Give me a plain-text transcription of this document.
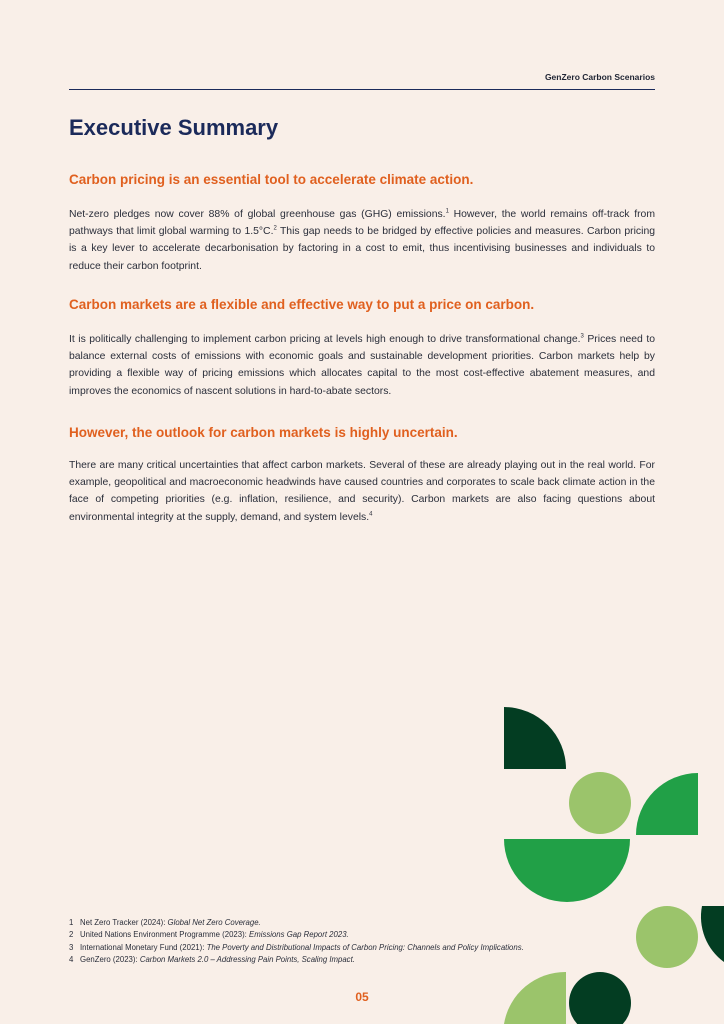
GenZero Carbon Scenarios
Executive Summary
Carbon pricing is an essential tool to accelerate climate action.

Net-zero pledges now cover 88% of global greenhouse gas (GHG) emissions.$^1$ However, the world remains off-track from pathways that limit global warming to 1.5°C.$^2$ This gap needs to be bridged by effective policies and measures. Carbon pricing is a key lever to accelerate decarbonisation by factoring in a cost to emit, thus incentivising businesses and individuals to reduce their carbon footprint.

Carbon markets are a flexible and effective way to put a price on carbon.

It is politically challenging to implement carbon pricing at levels high enough to drive transformational change.$^3$ Prices need to balance external costs of emissions with economic goals and sustainable development priorities. Carbon markets help by providing a flexible way of pricing emissions which allocates capital to the most cost-effective abatement measures, and improves the economics of nascent solutions in hard-to-abate sectors.

However, the outlook for carbon markets is highly uncertain.

There are many critical uncertainties that affect carbon markets. Several of these are already playing out in the real world. For example, geopolitical and macroeconomic headwinds have caused countries and corporates to scale back climate action in the face of competing priorities (e.g. inflation, resilience, and security). Carbon markets are also facing questions about environmental integrity at the supply, demand, and system levels.$^4$

1 Net Zero Tracker (2024): Global Net Zero Coverage.
2 United Nations Environment Programme (2023): Emissions Gap Report 2023.
3 International Monetary Fund (2021): The Poverty and Distributional Impacts of Carbon Pricing: Channels and Policy Implications.
4 GenZero (2023): Carbon Markets 2.0 – Addressing Pain Points, Scaling Impact.
05
